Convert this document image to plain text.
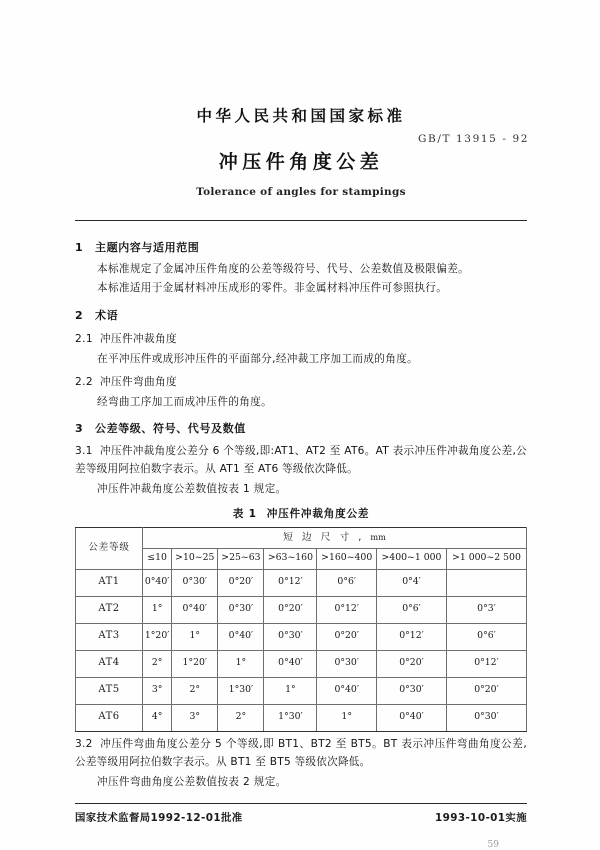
中华人民共和国国家标准
冲压件角度公差
GB/T 13915 - 92
Tolerance of angles for stampings
1 主题内容与适用范围
本标准规定了金属冲压件角度的公差等级符号、代号、公差数值及极限偏差。
本标准适用于金属材料冲压成形的零件。非金属材料冲压件可参照执行。
2 术语
2.1 冲压件冲裁角度
在平冲压件或成形冲压件的平面部分,经冲裁工序加工而成的角度。
2.2 冲压件弯曲角度
经弯曲工序加工而成冲压件的角度。
3 公差等级、符号、代号及数值
3.1 冲压件冲裁角度公差分 6 个等级,即:AT1、AT2 至 AT6。AT 表示冲压件冲裁角度公差,公差等级用阿拉伯数字表示。从 AT1 至 AT6 等级依次降低。
冲压件冲裁角度公差数值按表 1 规定。
表 1 冲压件冲裁角度公差
公差等级	短边尺寸,mm						
	≤10	>10~25	>25~63	>63~160	>160~400	>400~1 000	>1 000~2 500
AT1	0°40′	0°30′	0°20′	0°12′	0°6′	0°4′	
AT2	1°	0°40′	0°30′	0°20′	0°12′	0°6′	0°3′
AT3	1°20′	1°	0°40′	0°30′	0°20′	0°12′	0°6′
AT4	2°	1°20′	1°	0°40′	0°30′	0°20′	0°12′
AT5	3°	2°	1°30′	1°	0°40′	0°30′	0°20′
AT6	4°	3°	2°	1°30′	1°	0°40′	0°30′
3.2 冲压件弯曲角度公差分 5 个等级,即 BT1、BT2 至 BT5。BT 表示冲压件弯曲角度公差,公差等级用阿拉伯数字表示。从 BT1 至 BT5 等级依次降低。
冲压件弯曲角度公差数值按表 2 规定。
国家技术监督局1992-12-01批准	1993-10-01实施
59
